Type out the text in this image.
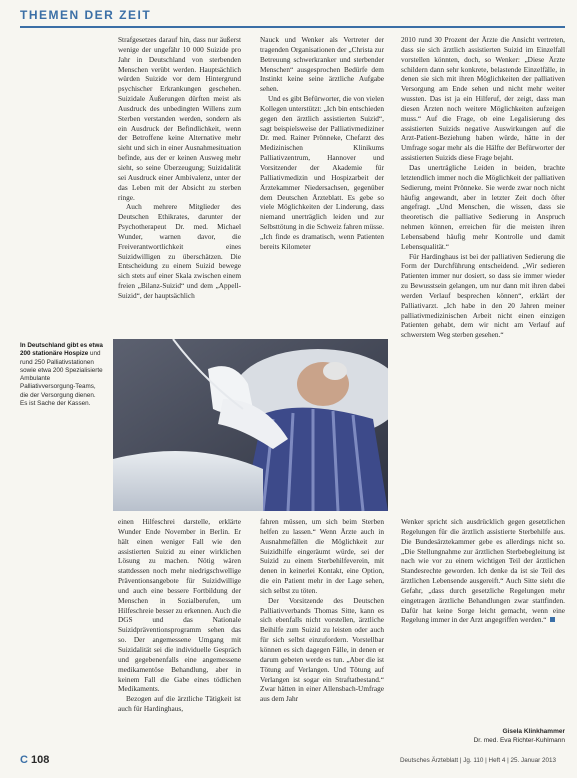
THEMEN DER ZEIT

Strafgesetzes darauf hin, dass nur äußerst wenige der ungefähr 10 000 Suizide pro Jahr in Deutschland von sterbenden Menschen verübt werden. Hauptsächlich würden Suizide vor dem Hintergrund psychischer Erkrankungen geschehen. Suizidale Äußerungen dürften meist als Ausdruck des unbedingten Willens zum Sterben verstanden werden, sondern als ein Ausdruck der Befindlichkeit, wenn der Betroffene keine Alternative mehr sieht und sich in einer Ausnahmesituation befinde, aus der er keinen Ausweg mehr sieht, so seine Überzeugung; Suizidalität sei Ausdruck einer Ambivalenz, unter der das Leben mit der Absicht zu sterben ringe.

Auch mehrere Mitglieder des Deutschen Ethikrates, darunter der Psychotherapeut Dr. med. Michael Wunder, warnen davor, die Freiverantwortlichkeit eines Suizidwilligen zu überschätzen. Die Entscheidung zu einem Suizid bewege sich stets auf einer Skala zwischen einem freien „Bilanz-Suizid“ und dem „Appell-Suizid“, der hauptsächlich

Nauck und Wenker als Vertreter der tragenden Organisationen der „Christa zur Betreuung schwerkranker und sterbender Menschen“ ausgesprochen Bedürfe dem Instinkt keine seine ärztliche Aufgabe sehen.

Und es gibt Befürworter, die von vielen Kollegen unterstützt: „Ich bin entschieden gegen den ärztlich assistierten Suizid“, sagt beispielsweise der Palliativmediziner Dr. med. Rainer Prönneke, Chefarzt des Medizinischen Klinikums Palliativzentrum, Hannover und Vorsitzender der Akademie für Palliativmedizin und Hospizarbeit der Ärztekammer Niedersachsen, gegenüber dem Deutschen Ärzteblatt. Es gebe so viele Möglichkeiten der Linderung, dass niemand unerträglich leiden und zur Selbsttötung in die Schweiz fahren müsse. „Ich finde es dramatisch, wenn Patienten bereits Kilometer

2010 rund 30 Prozent der Ärzte die Ansicht vertreten, dass sie sich ärztlich assistierten Suizid im Einzelfall vorstellen könnten, doch, so Wenker: „Diese Ärzte schildern dann sehr konkrete, belastende Einzelfälle, in denen sie sich mit ihren Möglichkeiten der palliativen Versorgung am Ende sehen und nicht mehr weiter wussten. Das ist ja ein Hilferuf, der zeigt, dass man diesen Ärzten noch weitere Möglichkeiten aufzeigen muss.“ Auf die Frage, ob eine Legalisierung des assistierten Suizids negative Auswirkungen auf die Arzt-Patient-Beziehung haben würde, hätte in der Umfrage sogar mehr als die Hälfte der Befürworter der assistierten Suizids diese Frage bejaht.

Das unerträgliche Leiden in beiden, brachte letztendlich immer noch die Möglichkeit der palliativen Sedierung, meint Prönneke. Sie werde zwar noch nicht häufig angewandt, aber in letzter Zeit doch öfter angefragt. „Und Menschen, die wissen, dass sie theoretisch die palliative Sedierung in Anspruch nehmen können, erreichen für die meisten ihren Lebensabend häufig mehr Kontrolle und damit Lebensqualität.“

Für Hardinghaus ist bei der palliativen Sedierung die Form der Durchführung entscheidend. „Wir sedieren Patienten immer nur dosiert, so dass sie immer wieder zu Bewusstsein gelangen, um nur dann mit ihren dabei werden Verlauf besprechen können“, erklärt der Palliativarzt. „Ich habe in den 20 Jahren meiner palliativmedizinischen Arbeit nicht einen einzigen Patienten gehabt, dem wir nicht am Verlauf auf schwerstem Weg sterben gesehen.“

In Deutschland gibt es etwa 200 stationäre Hospize und rund 250 Palliativstationen sowie etwa 200 Spezialisierte Ambulante Palliativversorgung-Teams, die der Versorgung dienen. Es ist Sache der Kassen.

einen Hilfeschrei darstelle, erklärte Wunder Ende November in Berlin. Er hält einen weniger Fall wie den assistierten Suizid zu einer wirklichen Lösung zu machen. Nötig wären stattdessen noch mehr niedrigschwellige Präventionsangebote für Suizidwillige und auch eine bessere Fortbildung der Menschen in Sozialberufen, um Hilfeschreie besser zu erkennen. Auch die DGS und das Nationale Suizidpräventionsprogramm sehen das so. Der angemessene Umgang mit Suizidalität sei die individuelle Gespräch und gegebenenfalls eine angemessene medikamentöse Behandlung, aber in keinem Fall die Gabe eines tödlichen Medikaments.

Bezogen auf die ärztliche Tätigkeit ist auch für Hardinghaus,

fahren müssen, um sich beim Sterben helfen zu lassen.“ Wenn Ärzte auch in Ausnahmefällen die Möglichkeit zur Suizidhilfe eingeräumt würde, sei der Suizid zu einem Sterbehilfeverein, mit denen in keinerlei Kontakt, eine Option, die ein Patient mehr in der Lage sehen, sich selbst zu töten.

Der Vorsitzende des Deutschen Palliativverbands Thomas Sitte, kann es sich ebenfalls nicht vorstellen, ärztliche Beihilfe zum Suizid zu leisten oder auch für sich selbst einzufordern. Vorstellbar können es sich dagegen Fälle, in denen er darum gebeten werde es tun. „Aber die ist Tötung auf Verlangen. Und Tötung auf Verlangen ist sogar ein Straftatbestand.“ Zwar hätten in einer Allensbach-Umfrage aus dem Jahr

Wenker spricht sich ausdrücklich gegen gesetzlichen Regelungen für die ärztlich assistierte Sterbehilfe aus. Die Bundesärztekammer gebe es allerdings nicht so. „Die Stellungnahme zur ärztlichen Sterbebegleitung ist nach wie vor zu einem wichtigen Teil der ärztlichen Standesrechte geworden. Ich denke da ist sie Teil des ärztlichen Lebensende ausgereift.“ Auch Sitte sieht die Gefahr, „dass durch gesetzliche Regelungen mehr eingetragen ärztliche Behandlungen zwar stattfinden. Dafür hat keine Sorge leicht gemacht, wenn eine Regelung immer in der Arzt angegriffen werden.“

Gisela Klinkhammer
Dr. med. Eva Richter-Kuhlmann
C 108	Deutsches Ärzteblatt | Jg. 110 | Heft 4 | 25. Januar 2013
